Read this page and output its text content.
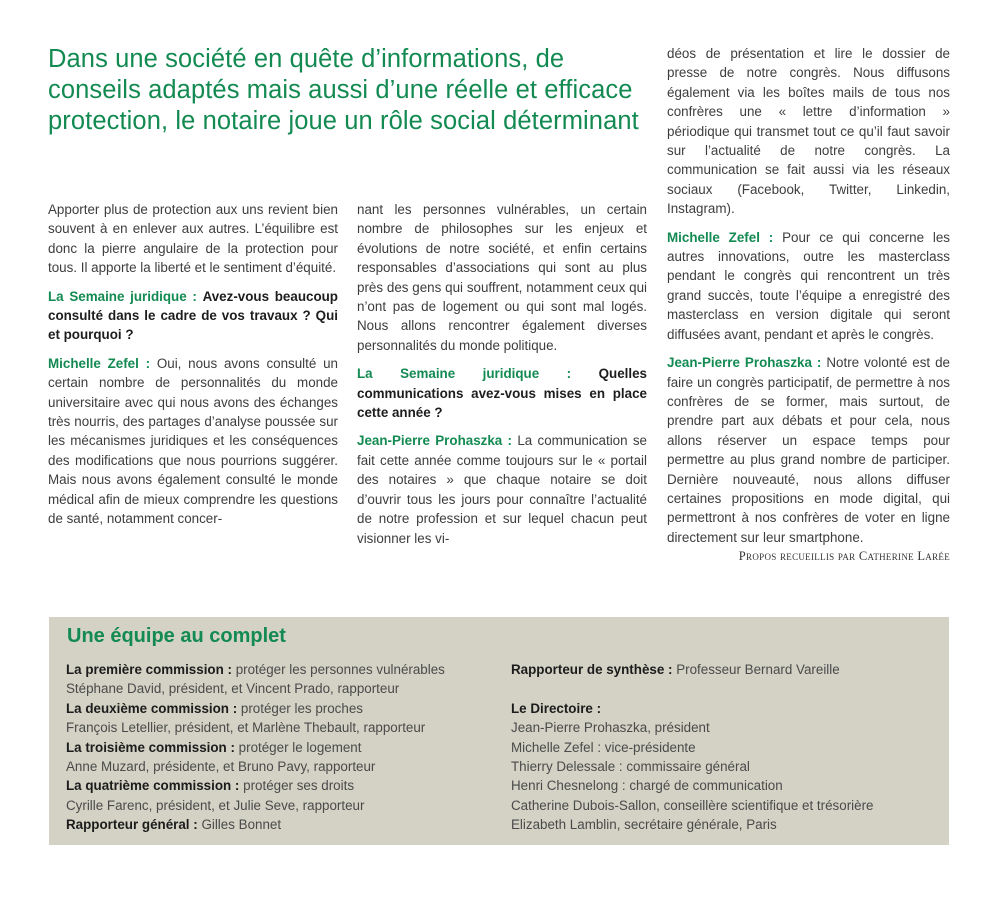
Dans une société en quête d’informations, de conseils adaptés mais aussi d’une réelle et efficace protection, le notaire joue un rôle social déterminant

Apporter plus de protection aux uns revient bien souvent à en enlever aux autres. L’équilibre est donc la pierre angulaire de la protection pour tous. Il apporte la liberté et le sentiment d’équité.

La Semaine juridique : Avez-vous beaucoup consulté dans le cadre de vos travaux ? Qui et pourquoi ?

Michelle Zefel : Oui, nous avons consulté un certain nombre de personnalités du monde universitaire avec qui nous avons des échanges très nourris, des partages d’analyse poussée sur les mécanismes juridiques et les conséquences des modifications que nous pourrions suggérer. Mais nous avons également consulté le monde médical afin de mieux comprendre les questions de santé, notamment concer-

nant les personnes vulnérables, un certain nombre de philosophes sur les enjeux et évolutions de notre société, et enfin certains responsables d’associations qui sont au plus près des gens qui souffrent, notamment ceux qui n’ont pas de logement ou qui sont mal logés. Nous allons rencontrer également diverses personnalités du monde politique.

La Semaine juridique : Quelles communications avez-vous mises en place cette année ?

Jean-Pierre Prohaszka : La communication se fait cette année comme toujours sur le « portail des notaires » que chaque notaire se doit d’ouvrir tous les jours pour connaître l’actualité de notre profession et sur lequel chacun peut visionner les vi-

déos de présentation et lire le dossier de presse de notre congrès. Nous diffusons également via les boîtes mails de tous nos confrères une « lettre d’information » périodique qui transmet tout ce qu’il faut savoir sur l’actualité de notre congrès. La communication se fait aussi via les réseaux sociaux (Facebook, Twitter, Linkedin, Instagram).

Michelle Zefel : Pour ce qui concerne les autres innovations, outre les masterclass pendant le congrès qui rencontrent un très grand succès, toute l’équipe a enregistré des masterclass en version digitale qui seront diffusées avant, pendant et après le congrès.

Jean-Pierre Prohaszka : Notre volonté est de faire un congrès participatif, de permettre à nos confrères de se former, mais surtout, de prendre part aux débats et pour cela, nous allons réserver un espace temps pour permettre au plus grand nombre de participer. Dernière nouveauté, nous allons diffuser certaines propositions en mode digital, qui permettront à nos confrères de voter en ligne directement sur leur smartphone.

Propos recueillis par Catherine Larée

Une équipe au complet
La première commission : protéger les personnes vulnérables
Stéphane David, président, et Vincent Prado, rapporteur
La deuxième commission : protéger les proches
François Letellier, président, et Marlène Thebault, rapporteur
La troisième commission : protéger le logement
Anne Muzard, présidente, et Bruno Pavy, rapporteur
La quatrième commission : protéger ses droits
Cyrille Farenc, président, et Julie Seve, rapporteur
Rapporteur général : Gilles Bonnet
Rapporteur de synthèse : Professeur Bernard Vareille
Le Directoire :
Jean-Pierre Prohaszka, président
Michelle Zefel : vice-présidente
Thierry Delessale : commissaire général
Henri Chesnelong : chargé de communication
Catherine Dubois-Sallon, conseillère scientifique et trésorière
Elizabeth Lamblin, secrétaire générale, Paris
